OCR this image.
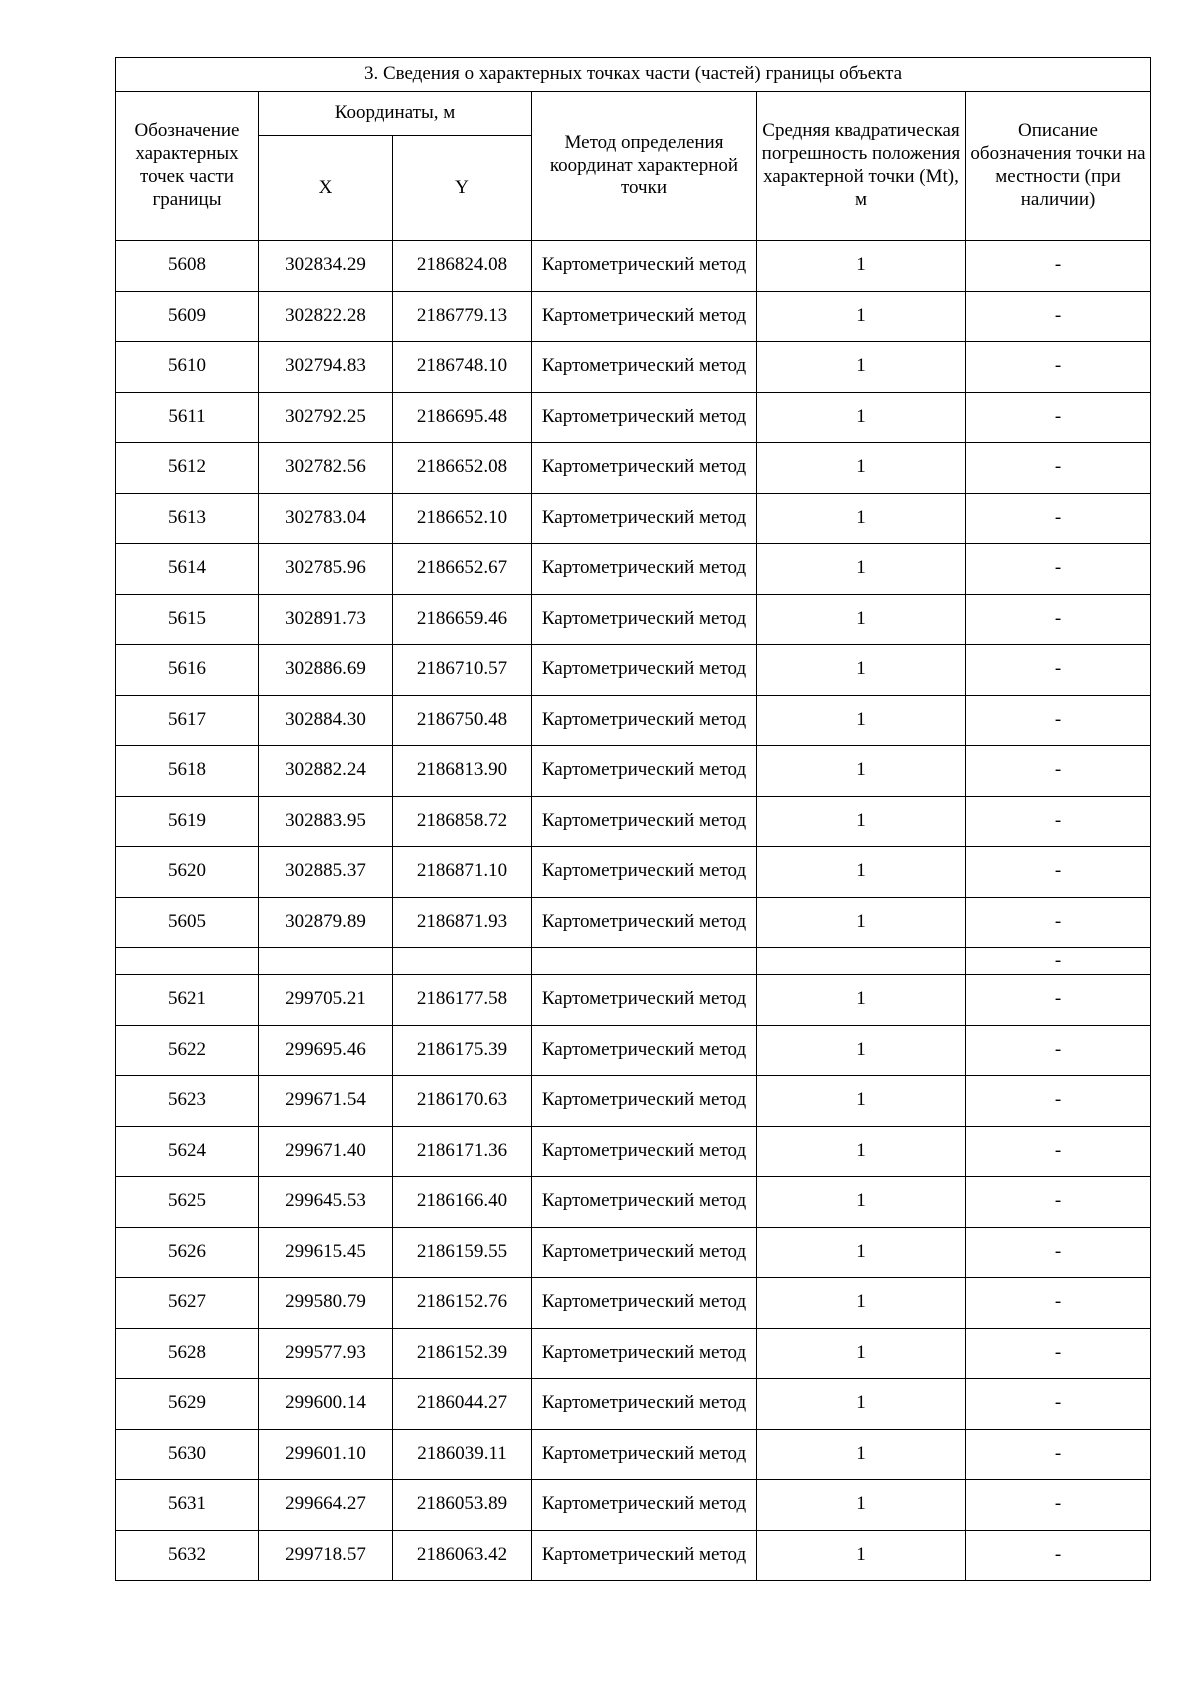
3. Сведения о характерных точках части (частей) границы объекта					
Обозначение характерных точек части границы	Координаты, м		Метод определения координат характерной точки	Средняя квадратическая погрешность положения характерной точки (Mt), м	Описание обозначения точки на местности (при наличии)
	X	Y			
5608	302834.29	2186824.08	Картометрический метод	1	-
5609	302822.28	2186779.13	Картометрический метод	1	-
5610	302794.83	2186748.10	Картометрический метод	1	-
5611	302792.25	2186695.48	Картометрический метод	1	-
5612	302782.56	2186652.08	Картометрический метод	1	-
5613	302783.04	2186652.10	Картометрический метод	1	-
5614	302785.96	2186652.67	Картометрический метод	1	-
5615	302891.73	2186659.46	Картометрический метод	1	-
5616	302886.69	2186710.57	Картометрический метод	1	-
5617	302884.30	2186750.48	Картометрический метод	1	-
5618	302882.24	2186813.90	Картометрический метод	1	-
5619	302883.95	2186858.72	Картометрический метод	1	-
5620	302885.37	2186871.10	Картометрический метод	1	-
5605	302879.89	2186871.93	Картометрический метод	1	-
					-
5621	299705.21	2186177.58	Картометрический метод	1	-
5622	299695.46	2186175.39	Картометрический метод	1	-
5623	299671.54	2186170.63	Картометрический метод	1	-
5624	299671.40	2186171.36	Картометрический метод	1	-
5625	299645.53	2186166.40	Картометрический метод	1	-
5626	299615.45	2186159.55	Картометрический метод	1	-
5627	299580.79	2186152.76	Картометрический метод	1	-
5628	299577.93	2186152.39	Картометрический метод	1	-
5629	299600.14	2186044.27	Картометрический метод	1	-
5630	299601.10	2186039.11	Картометрический метод	1	-
5631	299664.27	2186053.89	Картометрический метод	1	-
5632	299718.57	2186063.42	Картометрический метод	1	-
